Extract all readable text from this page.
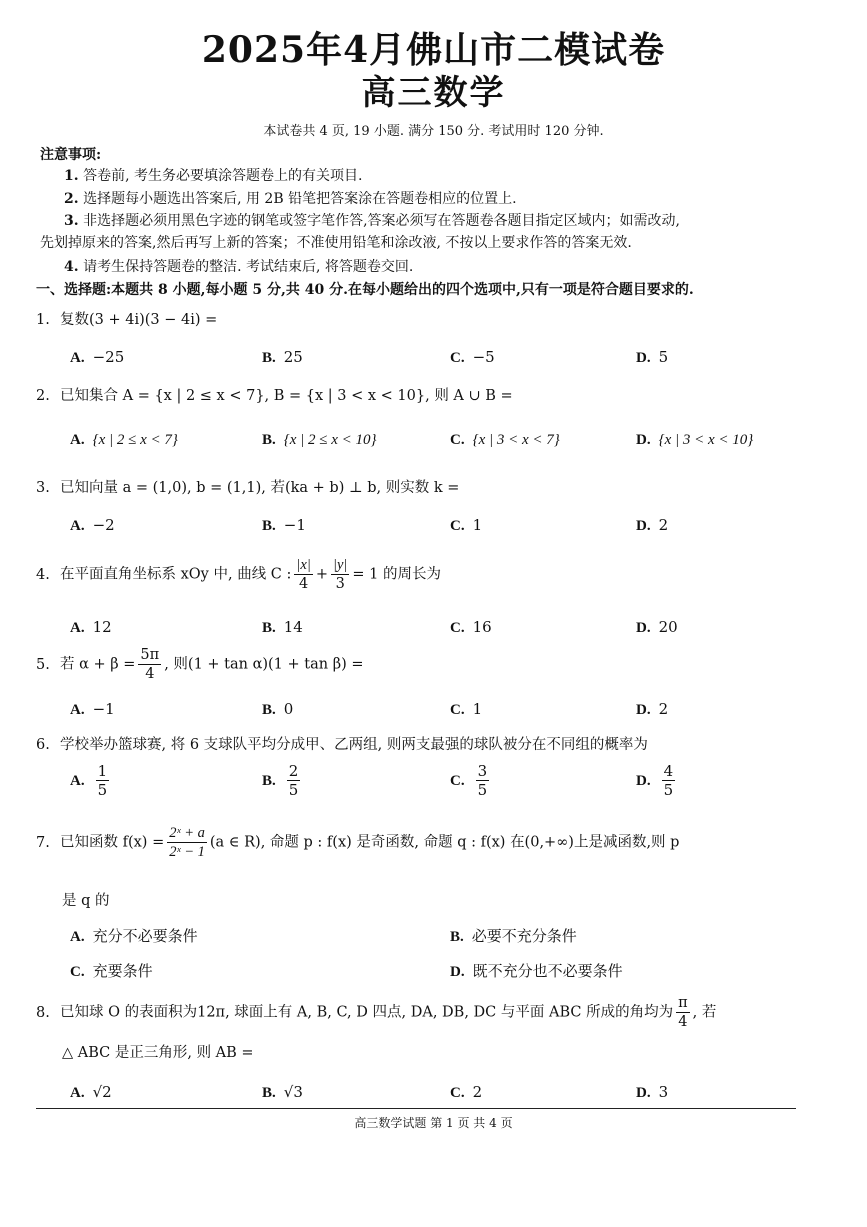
2025年4月佛山市二模试卷
高三数学
本试卷共 4 页, 19 小题. 满分 150 分. 考试用时 120 分钟.
注意事项:
1. 答卷前, 考生务必要填涂答题卷上的有关项目.
2. 选择题每小题选出答案后, 用 2B 铅笔把答案涂在答题卷相应的位置上.
3. 非选择题必须用黑色字迹的钢笔或签字笔作答,答案必须写在答题卷各题目指定区域内；如需改动,
先划掉原来的答案,然后再写上新的答案；不准使用铅笔和涂改液, 不按以上要求作答的答案无效.
4. 请考生保持答题卷的整洁. 考试结束后, 将答题卷交回.
一、选择题:本题共 8 小题,每小题 5 分,共 40 分.在每小题给出的四个选项中,只有一项是符合题目要求的.
1. 复数(3 + 4i)(3 − 4i) =
A. −25	B. 25	C. −5	D. 5
2. 已知集合 A = {x | 2 ≤ x < 7}, B = {x | 3 < x < 10}, 则 A ∪ B =
A. {x | 2 ≤ x < 7}	B. {x | 2 ≤ x < 10}	C. {x | 3 < x < 7}	D. {x | 3 < x < 10}
3. 已知向量 a = (1,0), b = (1,1), 若(ka + b) ⊥ b, 则实数 k =
A. −2	B. −1	C. 1	D. 2
4. 在平面直角坐标系 xOy 中, 曲线 C : $\frac{|x|}{4} + \frac{|y|}{3} = 1$ 的周长为
A. 12	B. 14	C. 16	D. 20
5. 若 $\alpha + \beta = \frac{5\pi}{4}$ , 则(1 + tan α)(1 + tan β) =
A. −1	B. 0	C. 1	D. 2
6. 学校举办篮球赛, 将 6 支球队平均分成甲、乙两组, 则两支最强的球队被分在不同组的概率为
A. $\frac{1}{5}$	B. $\frac{2}{5}$	C. $\frac{3}{5}$	D. $\frac{4}{5}$
7. 已知函数 $f(x) = \frac{\text{2ˣ + a}}{\text{2ˣ − 1}} (a$ ∈ R), 命题 p : f(x) 是奇函数, 命题 q : f(x) 在(0,+∞)上是减函数,则 p
是 q 的
A. 充分不必要条件	B. 必要不充分条件
C. 充要条件	D. 既不充分也不必要条件
8. 已知球 O 的表面积为12π, 球面上有 A, B, C, D 四点, DA, DB, DC 与平面 ABC 所成的角均为 $\frac{\pi}{4}$ , 若
△ ABC 是正三角形, 则 AB =
A. √2	B. √3	C. 2	D. 3
高三数学试题 第 1 页 共 4 页
